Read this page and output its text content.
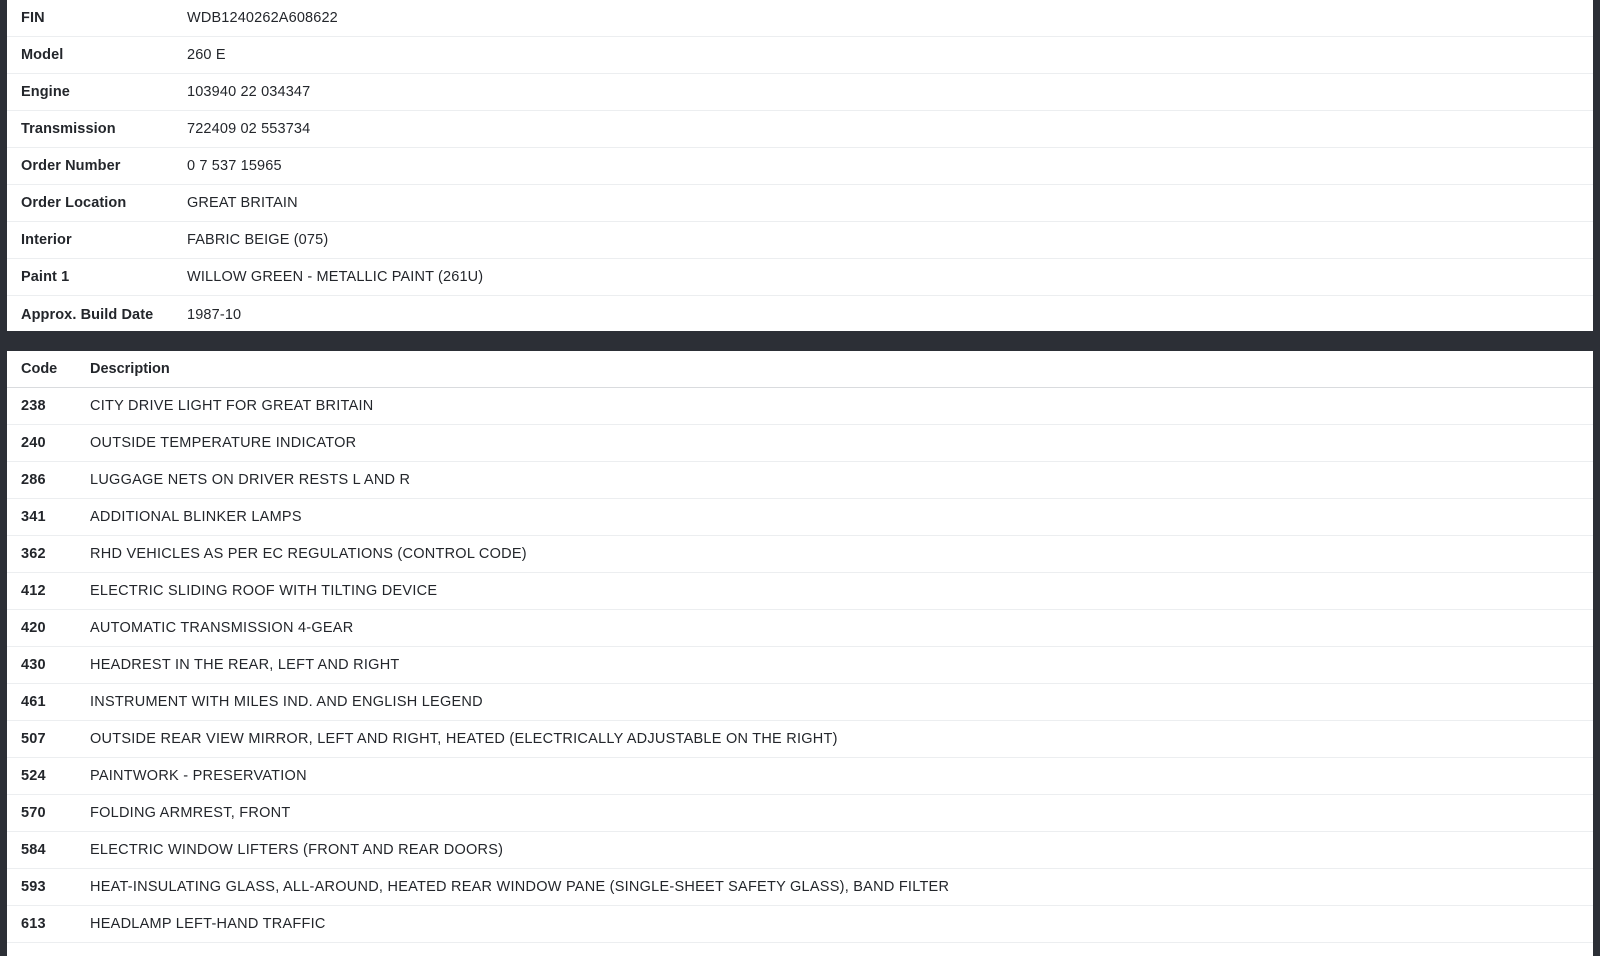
FIN	WDB1240262A608622
Model	260 E
Engine	103940 22 034347
Transmission	722409 02 553734
Order Number	0 7 537 15965
Order Location	GREAT BRITAIN
Interior	FABRIC BEIGE (075)
Paint 1	WILLOW GREEN - METALLIC PAINT (261U)
Approx. Build Date	1987-10
Code	Description
238	CITY DRIVE LIGHT FOR GREAT BRITAIN
240	OUTSIDE TEMPERATURE INDICATOR
286	LUGGAGE NETS ON DRIVER RESTS L AND R
341	ADDITIONAL BLINKER LAMPS
362	RHD VEHICLES AS PER EC REGULATIONS (CONTROL CODE)
412	ELECTRIC SLIDING ROOF WITH TILTING DEVICE
420	AUTOMATIC TRANSMISSION 4-GEAR
430	HEADREST IN THE REAR, LEFT AND RIGHT
461	INSTRUMENT WITH MILES IND. AND ENGLISH LEGEND
507	OUTSIDE REAR VIEW MIRROR, LEFT AND RIGHT, HEATED (ELECTRICALLY ADJUSTABLE ON THE RIGHT)
524	PAINTWORK - PRESERVATION
570	FOLDING ARMREST, FRONT
584	ELECTRIC WINDOW LIFTERS (FRONT AND REAR DOORS)
593	HEAT-INSULATING GLASS, ALL-AROUND, HEATED REAR WINDOW PANE (SINGLE-SHEET SAFETY GLASS), BAND FILTER
613	HEADLAMP LEFT-HAND TRAFFIC
